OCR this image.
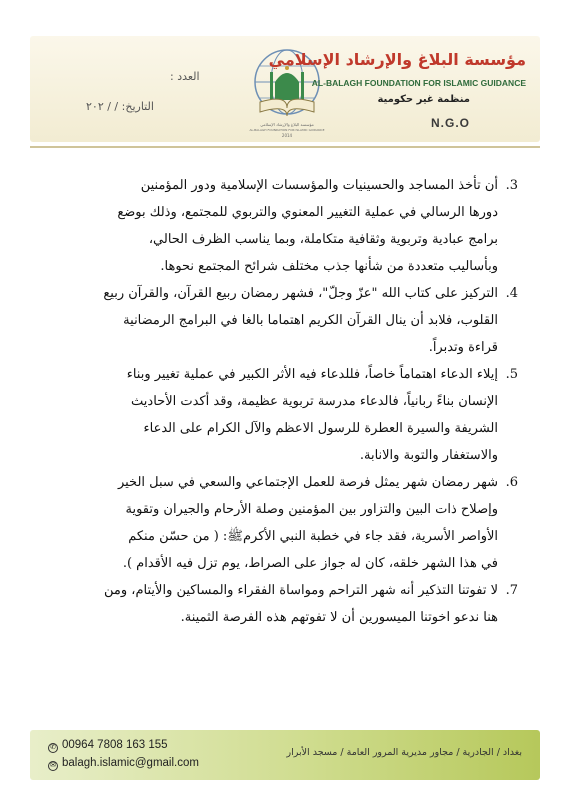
العدد :
التاريخ: / / ٢٠٢
مؤسسة البلاغ والإرشاد الإسلامي
AL-BALAGH FOUNDATION FOR ISLAMIC GUIDANCE
2014
مؤسسة البلاغ والإرشاد الإسلامي
AL-BALAGH FOUNDATION FOR ISLAMIC GUIDANCE
منظمة غير حكومية
N.G.O
3.
أن تأخذ المساجد والحسينيات والمؤسسات الإسلامية ودور المؤمنين
دورها الرسالي في عملية التغيير المعنوي والتربوي للمجتمع، وذلك بوضع
برامج عبادية وتربوية وثقافية متكاملة، وبما يناسب الظرف الحالي،
وبأساليب متعددة من شأنها جذب مختلف شرائح المجتمع نحوها.
4.
التركيز على كتاب الله "عزّ وجلّ"، فشهر رمضان ربيع القرآن، والقرآن ربيع
القلوب، فلابد أن ينال القرآن الكريم اهتماما بالغا في البرامج الرمضانية
قراءة وتدبراً.
5.
إيلاء الدعاء اهتماماً خاصاً، فللدعاء فيه الأثر الكبير في عملية تغيير وبناء
الإنسان بناءً ربانياً، فالدعاء مدرسة تربوية عظيمة، وقد أكدت الأحاديث
الشريفة والسيرة العطرة للرسول الاعظم والآل الكرام على الدعاء
والاستغفار والتوبة والانابة.
6.
شهر رمضان شهر يمثل فرصة للعمل الإجتماعي والسعي في سبل الخير
وإصلاح ذات البين والتزاور بين المؤمنين وصلة الأرحام والجيران وتقوية
الأواصر الأسرية، فقد جاء في خطبة النبي الأكرمﷺ: ( من حسّن منكم
في هذا الشهر خلقه، كان له جواز على الصراط، يوم تزل فيه الأقدام ).
7.
لا تفوتنا التذكير أنه شهر التراحم ومواساة الفقراء والمساكين والأيتام، ومن
هنا ندعو اخوتنا الميسورين أن لا تفوتهم هذه الفرصة الثمينة.
✆ 00964 7808 163 155
✉ balagh.islamic@gmail.com
بغداد / الجادرية / مجاور مديرية المرور العامة / مسجد الأبرار
